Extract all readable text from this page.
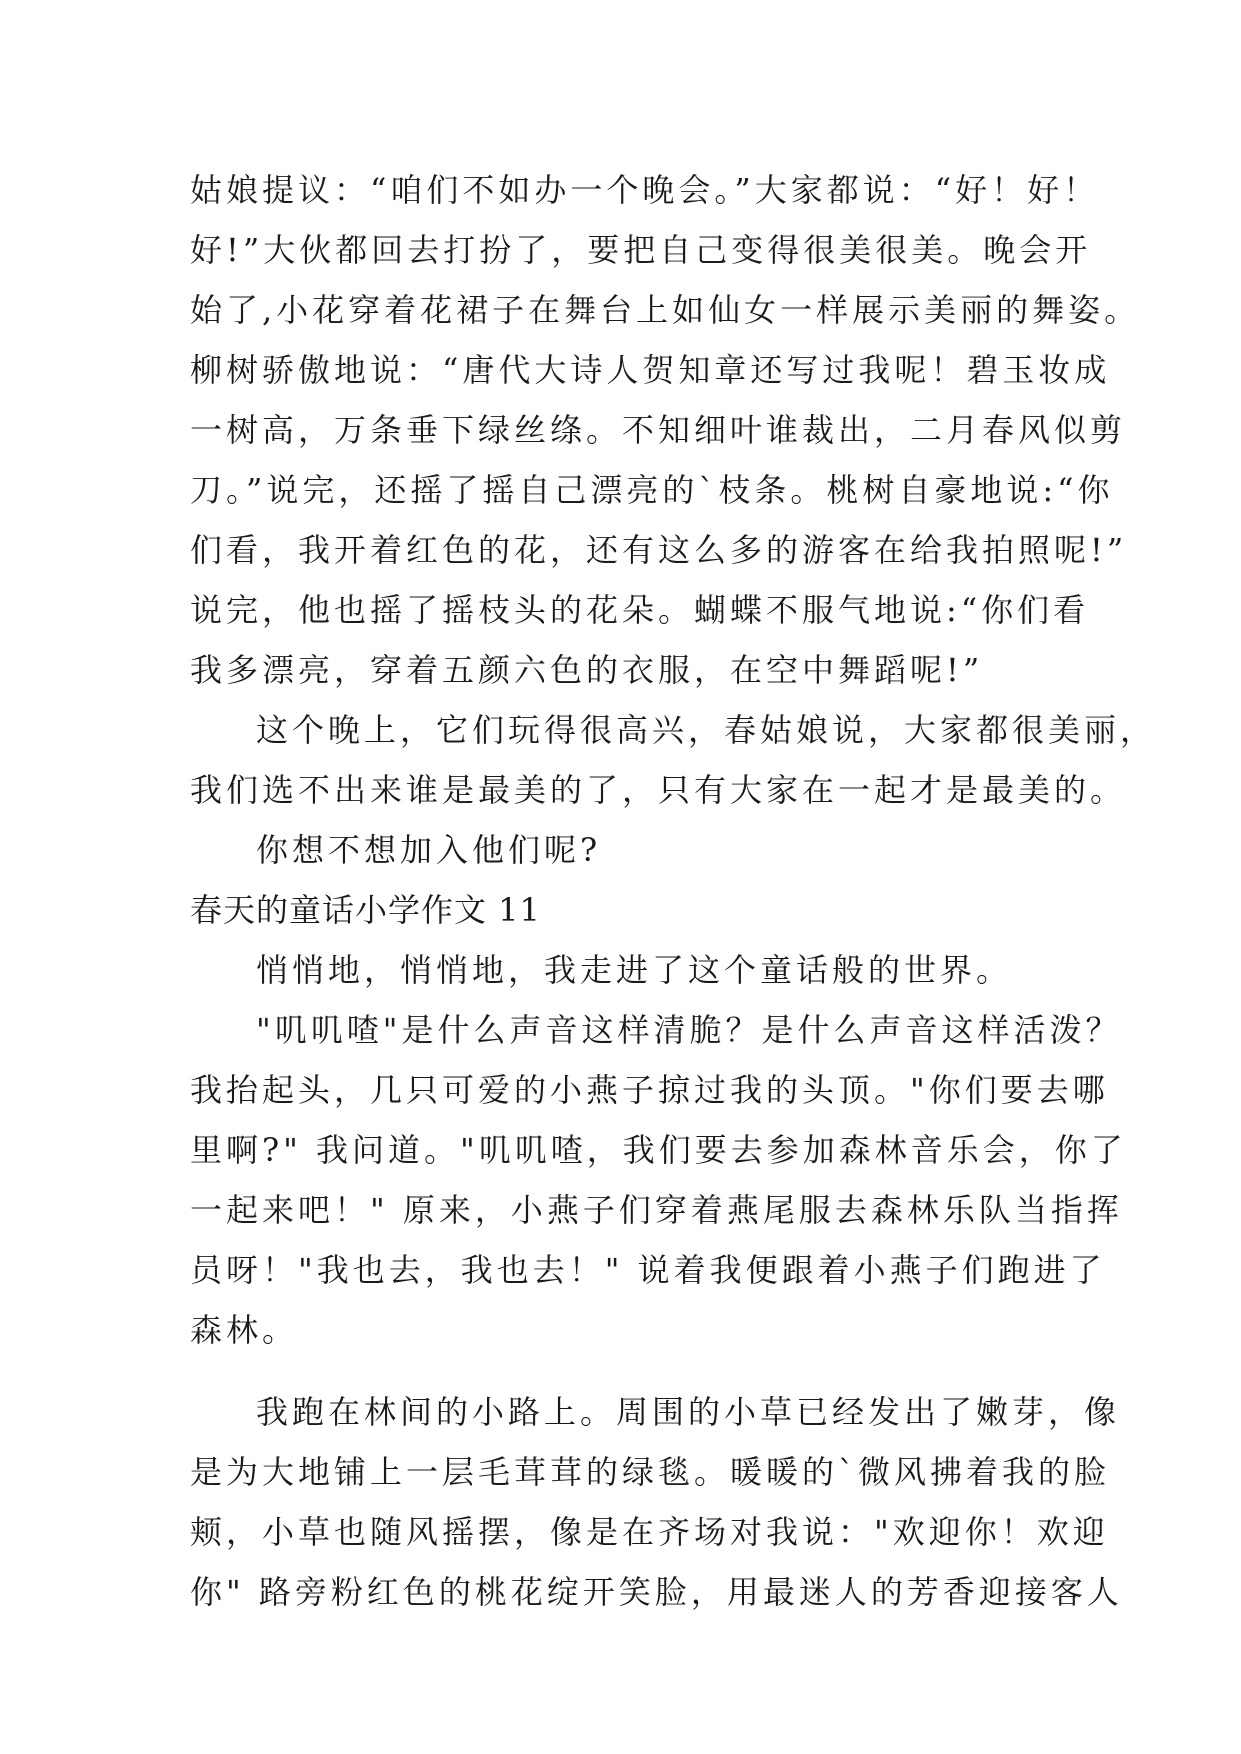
姑娘提议：“咱们不如办一个晚会。”大家都说：“好！好！
好!”大伙都回去打扮了，要把自己变得很美很美。晚会开
始了,小花穿着花裙子在舞台上如仙女一样展示美丽的舞姿。
柳树骄傲地说：“唐代大诗人贺知章还写过我呢！碧玉妆成
一树高，万条垂下绿丝绦。不知细叶谁裁出，二月春风似剪
刀。”说完，还摇了摇自己漂亮的`枝条。桃树自豪地说:“你
们看，我开着红色的花，还有这么多的游客在给我拍照呢!”
说完，他也摇了摇枝头的花朵。蝴蝶不服气地说:“你们看
我多漂亮，穿着五颜六色的衣服，在空中舞蹈呢!”
这个晚上，它们玩得很高兴，春姑娘说，大家都很美丽，
我们选不出来谁是最美的了，只有大家在一起才是最美的。
你想不想加入他们呢?
春天的童话小学作文 11
悄悄地，悄悄地，我走进了这个童话般的世界。
"叽叽喳"是什么声音这样清脆？是什么声音这样活泼？
我抬起头，几只可爱的小燕子掠过我的头顶。"你们要去哪
里啊?" 我问道。"叽叽喳，我们要去参加森林音乐会，你了
一起来吧！" 原来，小燕子们穿着燕尾服去森林乐队当指挥
员呀！"我也去，我也去！" 说着我便跟着小燕子们跑进了
森林。
我跑在林间的小路上。周围的小草已经发出了嫩芽，像
是为大地铺上一层毛茸茸的绿毯。暖暖的`微风拂着我的脸
颊，小草也随风摇摆，像是在齐场对我说："欢迎你！欢迎
你" 路旁粉红色的桃花绽开笑脸，用最迷人的芳香迎接客人
